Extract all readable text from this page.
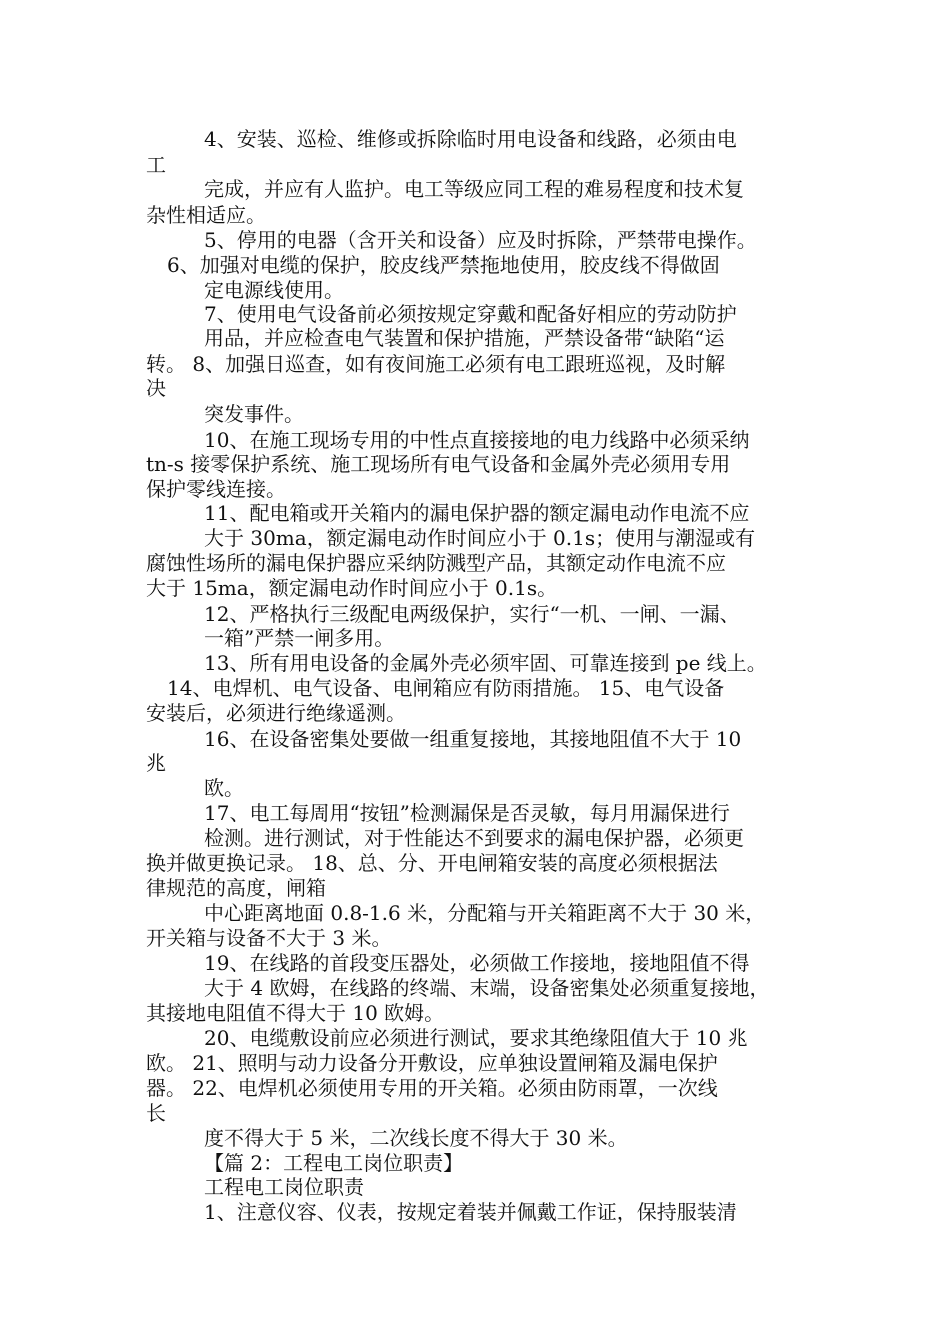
4、安装、巡检、维修或拆除临时用电设备和线路，必须由电
工
完成，并应有人监护。电工等级应同工程的难易程度和技术复
杂性相适应。
5、停用的电器（含开关和设备）应及时拆除，严禁带电操作。
6、加强对电缆的保护，胶皮线严禁拖地使用，胶皮线不得做固
定电源线使用。
7、使用电气设备前必须按规定穿戴和配备好相应的劳动防护
用品，并应检查电气装置和保护措施，严禁设备带“缺陷“运
转。 8、加强日巡查，如有夜间施工必须有电工跟班巡视，及时解
决
突发事件。
10、在施工现场专用的中性点直接接地的电力线路中必须采纳
tn-s 接零保护系统、施工现场所有电气设备和金属外壳必须用专用
保护零线连接。
11、配电箱或开关箱内的漏电保护器的额定漏电动作电流不应
大于 30ma，额定漏电动作时间应小于 0.1s；使用与潮湿或有
腐蚀性场所的漏电保护器应采纳防溅型产品，其额定动作电流不应
大于 15ma，额定漏电动作时间应小于 0.1s。
12、严格执行三级配电两级保护，实行“一机、一闸、一漏、
一箱”严禁一闸多用。
13、所有用电设备的金属外壳必须牢固、可靠连接到 pe 线上。
14、电焊机、电气设备、电闸箱应有防雨措施。 15、电气设备
安装后，必须进行绝缘遥测。
16、在设备密集处要做一组重复接地，其接地阻值不大于 10
兆
欧。
17、电工每周用“按钮”检测漏保是否灵敏，每月用漏保进行
检测。进行测试，对于性能达不到要求的漏电保护器，必须更
换并做更换记录。 18、总、分、开电闸箱安装的高度必须根据法
律规范的高度，闸箱
中心距离地面 0.8-1.6 米，分配箱与开关箱距离不大于 30 米，
开关箱与设备不大于 3 米。
19、在线路的首段变压器处，必须做工作接地，接地阻值不得
大于 4 欧姆，在线路的终端、末端，设备密集处必须重复接地，
其接地电阻值不得大于 10 欧姆。
20、电缆敷设前应必须进行测试，要求其绝缘阻值大于 10 兆
欧。 21、照明与动力设备分开敷设，应单独设置闸箱及漏电保护
器。 22、电焊机必须使用专用的开关箱。必须由防雨罩，一次线
长
度不得大于 5 米，二次线长度不得大于 30 米。
【篇 2：工程电工岗位职责】
工程电工岗位职责
1、注意仪容、仪表，按规定着装并佩戴工作证，保持服装清
